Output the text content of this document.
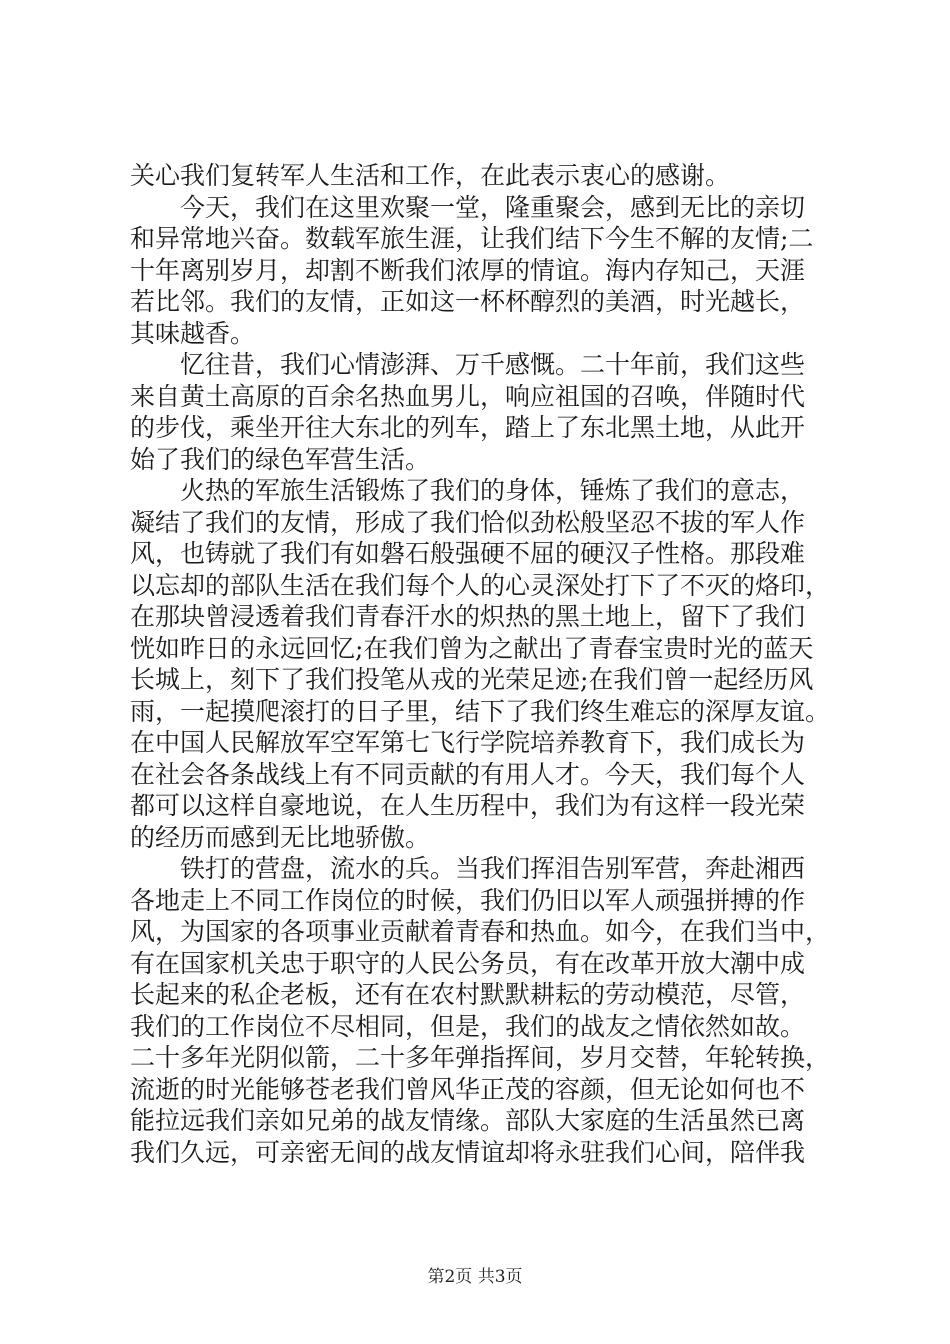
关心我们复转军人生活和工作，在此表示衷心的感谢。
今天，我们在这里欢聚一堂，隆重聚会，感到无比的亲切
和异常地兴奋。数载军旅生涯，让我们结下今生不解的友情;二
十年离别岁月，却割不断我们浓厚的情谊。海内存知己，天涯
若比邻。我们的友情，正如这一杯杯醇烈的美酒，时光越长，
其味越香。
忆往昔，我们心情澎湃、万千感慨。二十年前，我们这些
来自黄土高原的百余名热血男儿，响应祖国的召唤，伴随时代
的步伐，乘坐开往大东北的列车，踏上了东北黑土地，从此开
始了我们的绿色军营生活。
火热的军旅生活锻炼了我们的身体，锤炼了我们的意志，
凝结了我们的友情，形成了我们恰似劲松般坚忍不拔的军人作
风，也铸就了我们有如磐石般强硬不屈的硬汉子性格。那段难
以忘却的部队生活在我们每个人的心灵深处打下了不灭的烙印，
在那块曾浸透着我们青春汗水的炽热的黑土地上，留下了我们
恍如昨日的永远回忆;在我们曾为之献出了青春宝贵时光的蓝天
长城上，刻下了我们投笔从戎的光荣足迹;在我们曾一起经历风
雨，一起摸爬滚打的日子里，结下了我们终生难忘的深厚友谊。
在中国人民解放军空军第七飞行学院培养教育下，我们成长为
在社会各条战线上有不同贡献的有用人才。今天，我们每个人
都可以这样自豪地说，在人生历程中，我们为有这样一段光荣
的经历而感到无比地骄傲。
铁打的营盘，流水的兵。当我们挥泪告别军营，奔赴湘西
各地走上不同工作岗位的时候，我们仍旧以军人顽强拼搏的作
风，为国家的各项事业贡献着青春和热血。如今，在我们当中，
有在国家机关忠于职守的人民公务员，有在改革开放大潮中成
长起来的私企老板，还有在农村默默耕耘的劳动模范，尽管，
我们的工作岗位不尽相同，但是，我们的战友之情依然如故。
二十多年光阴似箭，二十多年弹指挥间，岁月交替，年轮转换，
流逝的时光能够苍老我们曾风华正茂的容颜，但无论如何也不
能拉远我们亲如兄弟的战友情缘。部队大家庭的生活虽然已离
我们久远，可亲密无间的战友情谊却将永驻我们心间，陪伴我
第2页 共3页
